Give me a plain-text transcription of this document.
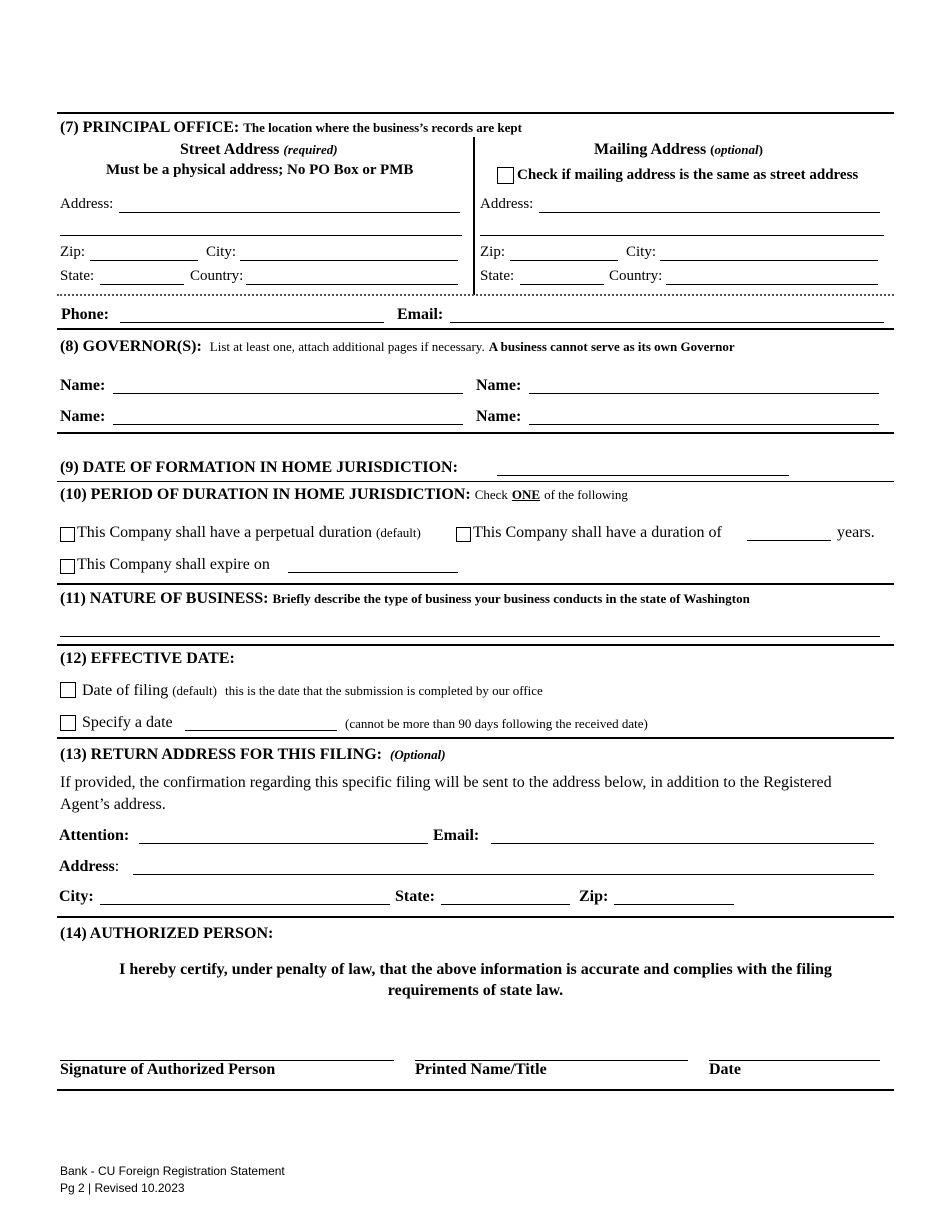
(7) PRINCIPAL OFFICE: The location where the business’s records are kept
Street Address (required)
Must be a physical address; No PO Box or PMB
Address:
Zip:	City:
State:	Country:
Mailing Address (optional)
Check if mailing address is the same as street address
Address:
Zip:	City:
State:	Country:
Phone:	Email:
(8) GOVERNOR(S): List at least one, attach additional pages if necessary. A business cannot serve as its own Governor
Name:	Name:
Name:	Name:
(9) DATE OF FORMATION IN HOME JURISDICTION:
(10) PERIOD OF DURATION IN HOME JURISDICTION: Check ONE of the following
This Company shall have a perpetual duration (default)	This Company shall have a duration of	years.
This Company shall expire on
(11) NATURE OF BUSINESS: Briefly describe the type of business your business conducts in the state of Washington
(12) EFFECTIVE DATE:
Date of filing (default) this is the date that the submission is completed by our office
Specify a date	(cannot be more than 90 days following the received date)
(13) RETURN ADDRESS FOR THIS FILING: (Optional)
If provided, the confirmation regarding this specific filing will be sent to the address below, in addition to the Registered
Agent’s address.
Attention:	Email:
Address:
City:	State:	Zip:
(14) AUTHORIZED PERSON:
I hereby certify, under penalty of law, that the above information is accurate and complies with the filing
requirements of state law.
Signature of Authorized Person	Printed Name/Title	Date
Bank - CU Foreign Registration Statement
Pg 2 | Revised 10.2023
